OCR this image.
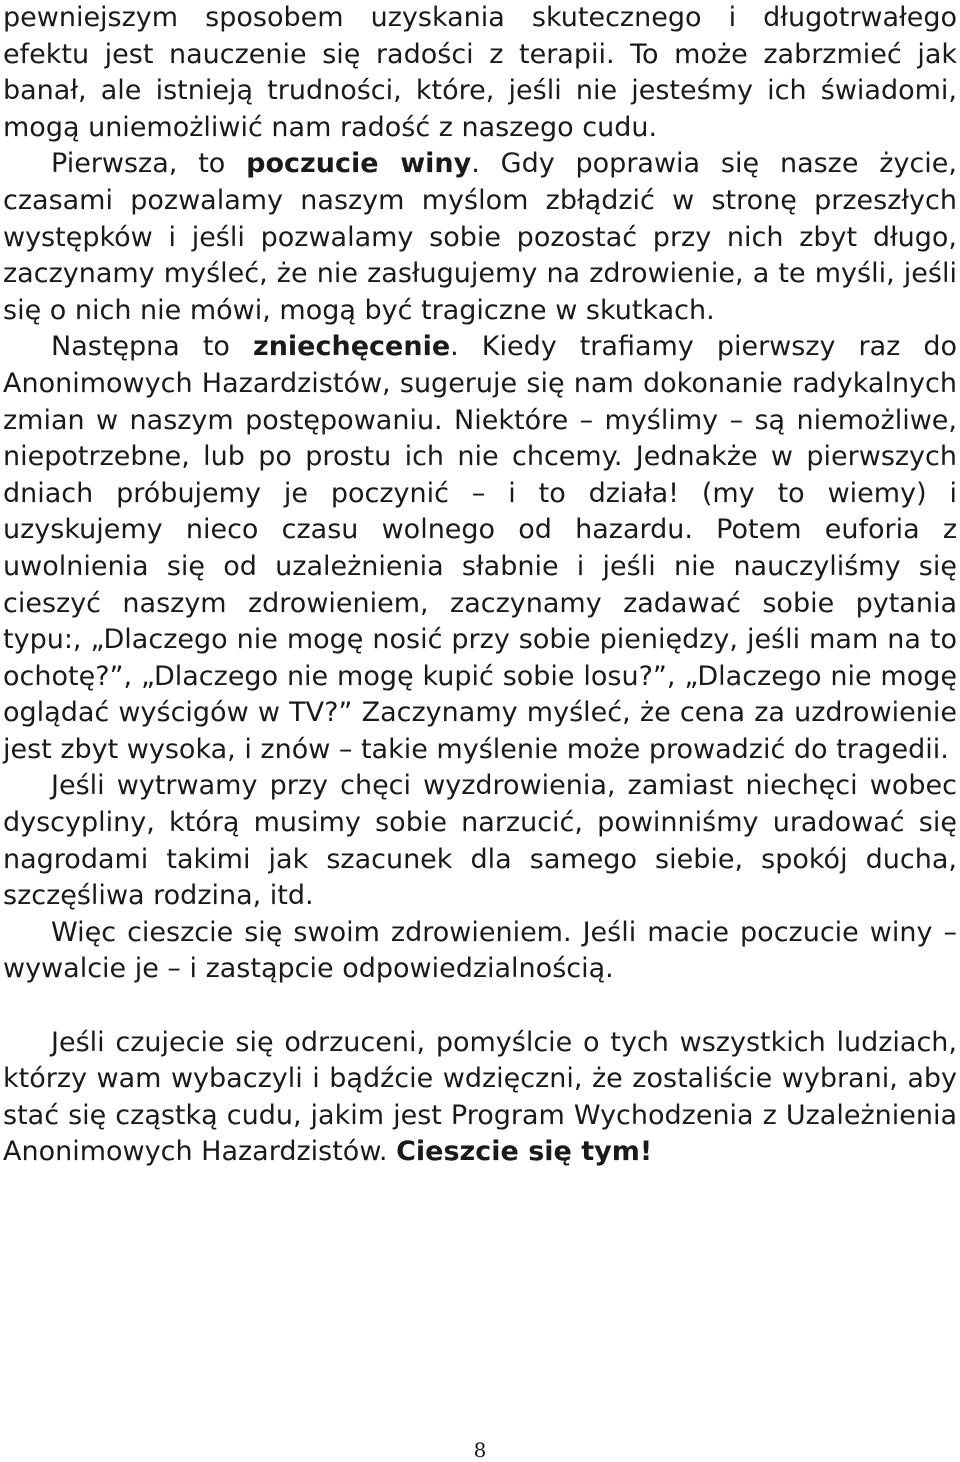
pewniejszym sposobem uzyskania skutecznego i długotrwałego efektu jest nauczenie się radości z terapii. To może zabrzmieć jak banał, ale istnieją trudności, które, jeśli nie jesteśmy ich świadomi, mogą uniemożliwić nam radość z naszego cudu.

Pierwsza, to poczucie winy. Gdy poprawia się nasze życie, czasami pozwalamy naszym myślom zbłądzić w stronę przeszłych występków i jeśli pozwalamy sobie pozostać przy nich zbyt długo, zaczynamy myśleć, że nie zasługujemy na zdrowienie, a te myśli, jeśli się o nich nie mówi, mogą być tragiczne w skutkach.

Następna to zniechęcenie. Kiedy trafiamy pierwszy raz do Anonimowych Hazardzistów, sugeruje się nam dokonanie radykalnych zmian w naszym postępowaniu. Niektóre – myślimy – są niemożliwe, niepotrzebne, lub po prostu ich nie chcemy. Jednakże w pierwszych dniach próbujemy je poczynić – i to działa! (my to wiemy) i uzyskujemy nieco czasu wolnego od hazardu. Potem euforia z uwolnienia się od uzależnienia słabnie i jeśli nie nauczyliśmy się cieszyć naszym zdrowieniem, zaczynamy zadawać sobie pytania typu:, „Dlaczego nie mogę nosić przy sobie pieniędzy, jeśli mam na to ochotę?”, „Dlaczego nie mogę kupić sobie losu?”, „Dlaczego nie mogę oglądać wyścigów w TV?” Zaczynamy myśleć, że cena za uzdrowienie jest zbyt wysoka, i znów – takie myślenie może prowadzić do tragedii.

Jeśli wytrwamy przy chęci wyzdrowienia, zamiast niechęci wobec dyscypliny, którą musimy sobie narzucić, powinniśmy uradować się nagrodami takimi jak szacunek dla samego siebie, spokój ducha, szczęśliwa rodzina, itd.

Więc cieszcie się swoim zdrowieniem. Jeśli macie poczucie winy – wywalcie je – i zastąpcie odpowiedzialnością.

Jeśli czujecie się odrzuceni, pomyślcie o tych wszystkich ludziach, którzy wam wybaczyli i bądźcie wdzięczni, że zostaliście wybrani, aby stać się cząstką cudu, jakim jest Program Wychodzenia z Uzależnienia Anonimowych Hazardzistów. Cieszcie się tym!

8
